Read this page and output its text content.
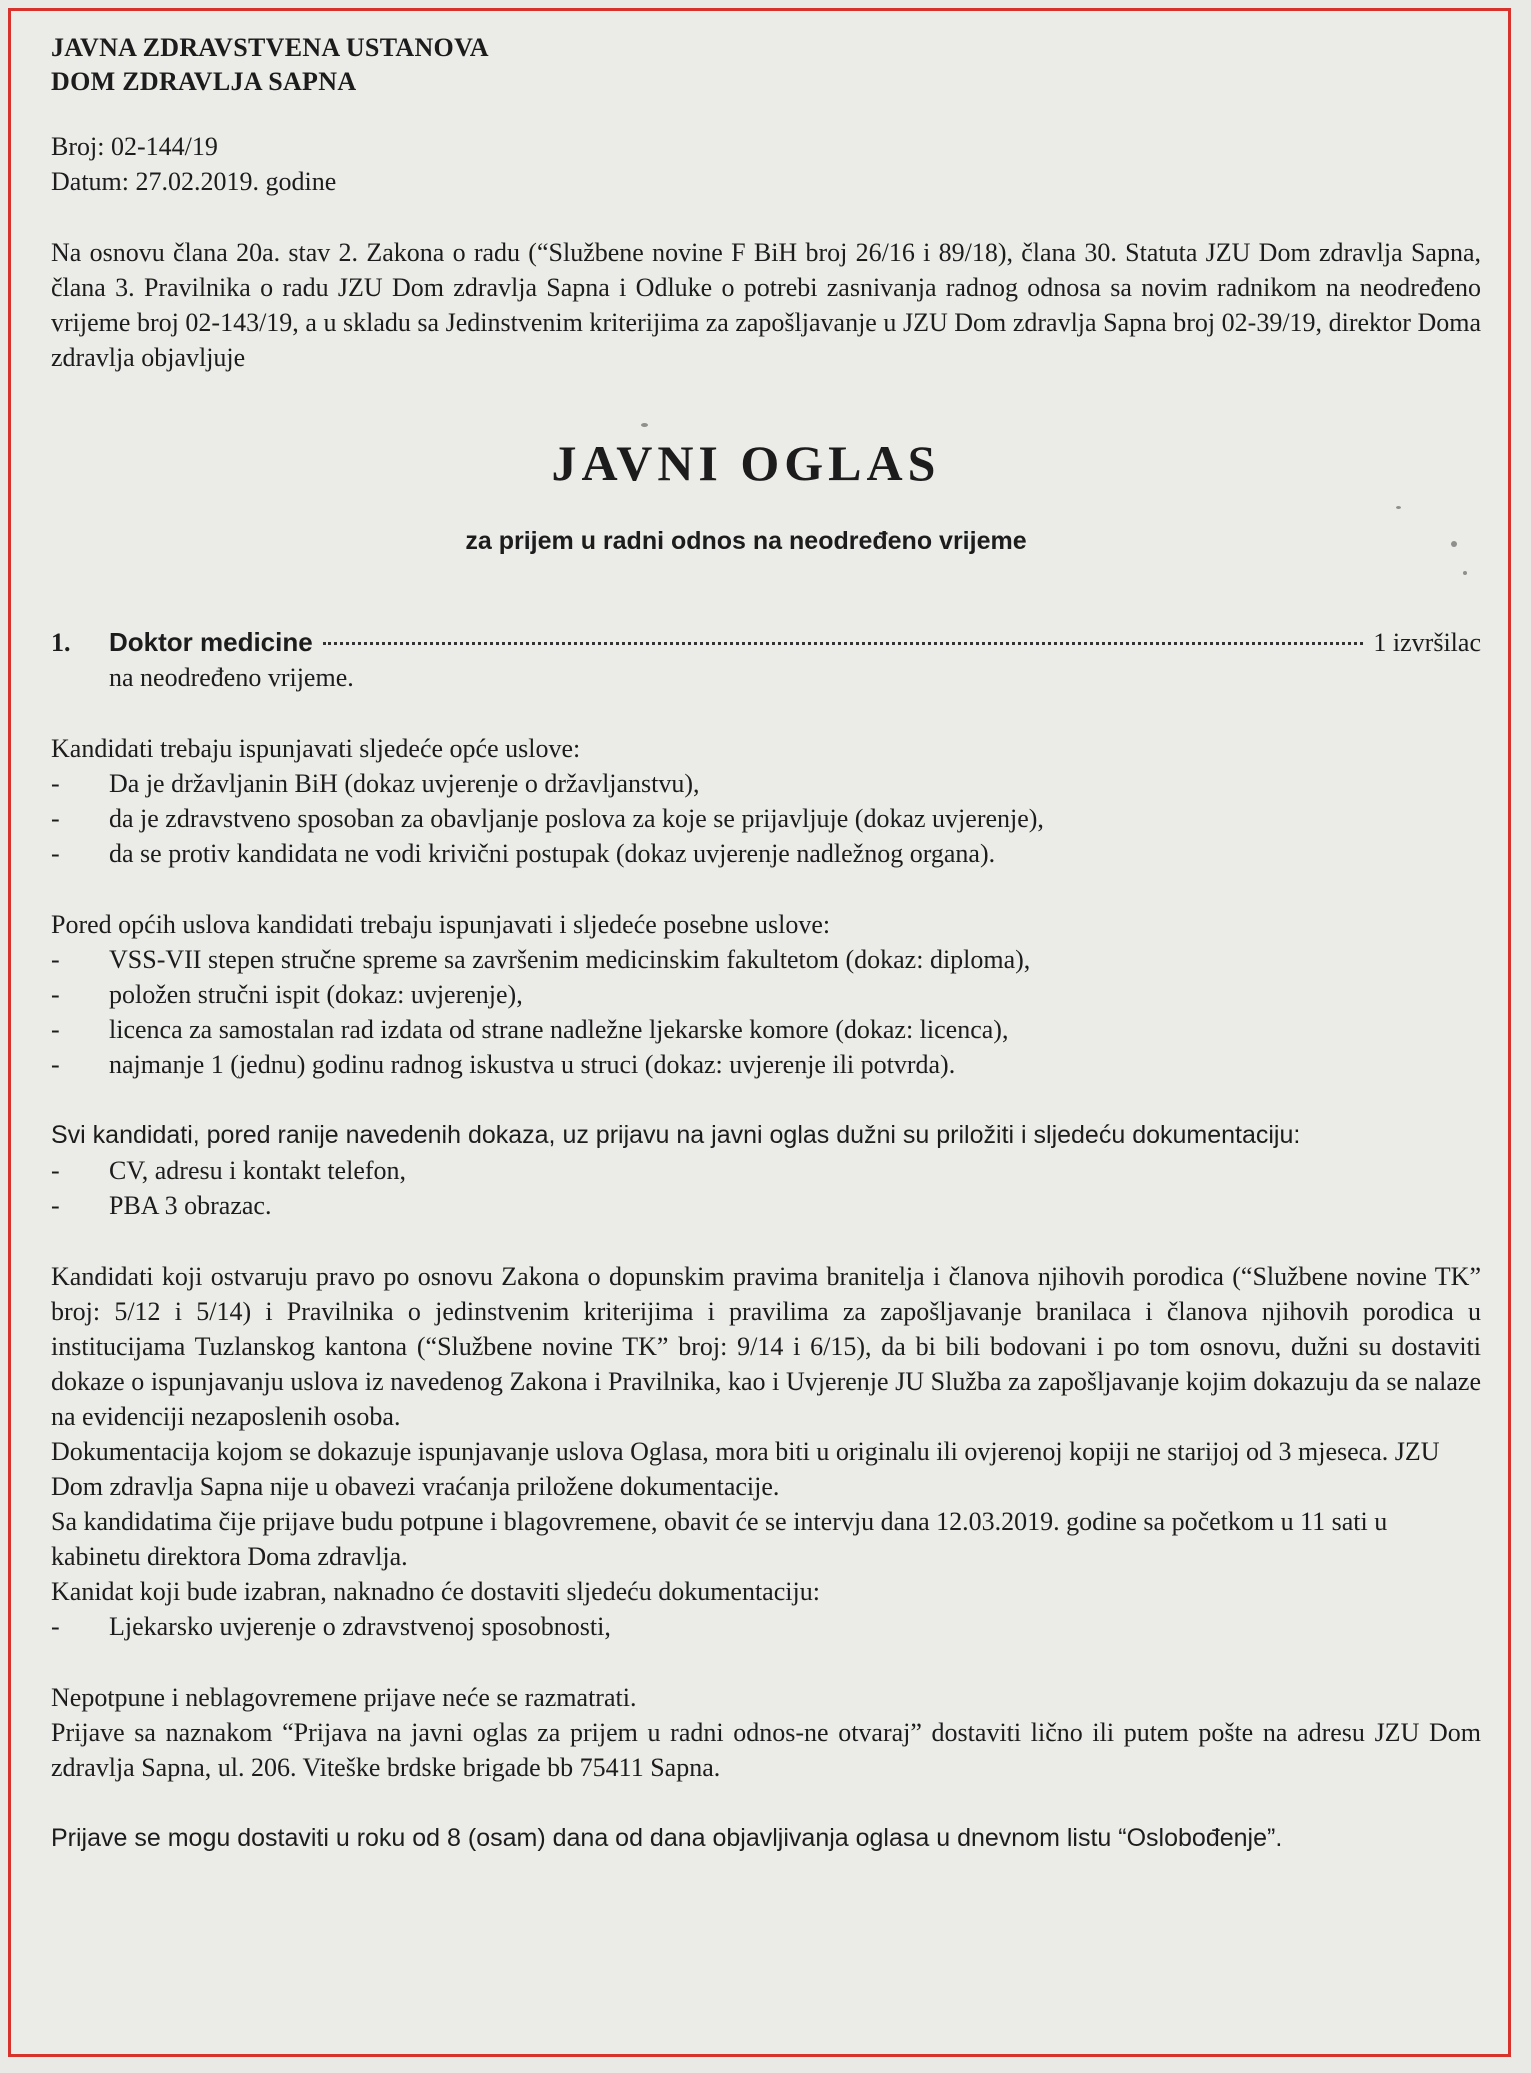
JAVNA ZDRAVSTVENA USTANOVA

DOM ZDRAVLJA SAPNA

Broj: 02-144/19

Datum: 27.02.2019. godine

Na osnovu člana 20a. stav 2. Zakona o radu (“Službene novine F BiH broj 26/16 i 89/18), člana 30. Statuta JZU Dom zdravlja Sapna, člana 3. Pravilnika o radu JZU Dom zdravlja Sapna i Odluke o potrebi zasnivanja radnog odnosa sa novim radnikom na neodređeno vrijeme broj 02-143/19, a u skladu sa Jedinstvenim kriterijima za zapošljavanje u JZU Dom zdravlja Sapna broj 02-39/19, direktor Doma zdravlja objavljuje

JAVNI OGLAS

za prijem u radni odnos na neodređeno vrijeme

1.	Doktor medicine	1 izvršilac

na neodređeno vrijeme.

Kandidati trebaju ispunjavati sljedeće opće uslove:

- Da je državljanin BiH (dokaz uvjerenje o državljanstvu),
- da je zdravstveno sposoban za obavljanje poslova za koje se prijavljuje (dokaz uvjerenje),
- da se protiv kandidata ne vodi krivični postupak (dokaz uvjerenje nadležnog organa).

Pored općih uslova kandidati trebaju ispunjavati i sljedeće posebne uslove:

- VSS-VII stepen stručne spreme sa završenim medicinskim fakultetom (dokaz: diploma),
- položen stručni ispit (dokaz: uvjerenje),
- licenca za samostalan rad izdata od strane nadležne ljekarske komore (dokaz: licenca),
- najmanje 1 (jednu) godinu radnog iskustva u struci (dokaz: uvjerenje ili potvrda).

Svi kandidati, pored ranije navedenih dokaza, uz prijavu na javni oglas dužni su priložiti i sljedeću dokumentaciju:

- CV, adresu i kontakt telefon,
- PBA 3 obrazac.

Kandidati koji ostvaruju pravo po osnovu Zakona o dopunskim pravima branitelja i članova njihovih porodica (“Službene novine TK” broj: 5/12 i 5/14) i Pravilnika o jedinstvenim kriterijima i pravilima za zapošljavanje branilaca i članova njihovih porodica u institucijama Tuzlanskog kantona (“Službene novine TK” broj: 9/14 i 6/15), da bi bili bodovani i po tom osnovu, dužni su dostaviti dokaze o ispunjavanju uslova iz navedenog Zakona i Pravilnika, kao i Uvjerenje JU Služba za zapošljavanje kojim dokazuju da se nalaze na evidenciji nezaposlenih osoba.

Dokumentacija kojom se dokazuje ispunjavanje uslova Oglasa, mora biti u originalu ili ovjerenoj kopiji ne starijoj od 3 mjeseca. JZU Dom zdravlja Sapna nije u obavezi vraćanja priložene dokumentacije.

Sa kandidatima čije prijave budu potpune i blagovremene, obavit će se intervju dana 12.03.2019. godine sa početkom u 11 sati u kabinetu direktora Doma zdravlja.

Kanidat koji bude izabran, naknadno će dostaviti sljedeću dokumentaciju:

- Ljekarsko uvjerenje o zdravstvenoj sposobnosti,

Nepotpune i neblagovremene prijave neće se razmatrati.

Prijave sa naznakom “Prijava na javni oglas za prijem u radni odnos-ne otvaraj” dostaviti lično ili putem pošte na adresu JZU Dom zdravlja Sapna, ul. 206. Viteške brdske brigade bb 75411 Sapna.

Prijave se mogu dostaviti u roku od 8 (osam) dana od dana objavljivanja oglasa u dnevnom listu “Oslobođenje”.
